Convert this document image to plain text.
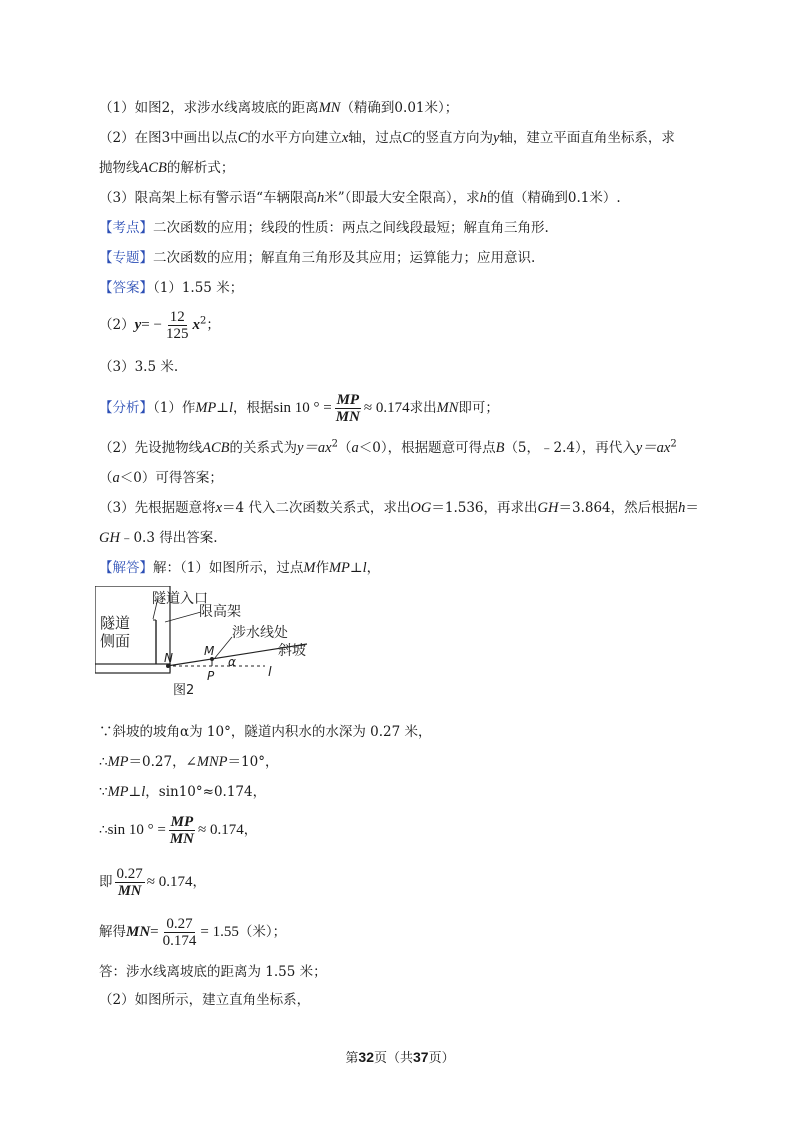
（1）如图2，求涉水线离坡底的距离MN（精确到0.01米）；
（2）在图3中画出以点C的水平方向建立x轴，过点C的竖直方向为y轴，建立平面直角坐标系，求
抛物线ACB的解析式；
（3）限高架上标有警示语“车辆限高h米”（即最大安全限高），求h的值（精确到0.1米）.
【考点】二次函数的应用；线段的性质：两点之间线段最短；解直角三角形.
【专题】二次函数的应用；解直角三角形及其应用；运算能力；应用意识.
【答案】（1）1.55 米；
$(2)y= - \frac{12}{125} x^2$；
（3）3.5 米.
【分析】（1）作MP⊥l，根据sin 10 ° = $\frac{MP}{MN} \approx 0.174$求出MN即可；
（2）先设抛物线ACB的关系式为$y=ax^2(a<0)$，根据题意可得点B（5，﹣2.4），再代入$y=ax^2$
（a＜0）可得答案；
（3）先根据题意将x＝4 代入二次函数关系式，求出OG＝1.536，再求出GH＝3.864，然后根据h＝
GH﹣0.3 得出答案.
【解答】解：（1）如图所示，过点M作MP⊥l，
隧道
侧面
隧道入口
限高架
涉水线处
斜坡
N	M
P
α
l
图2
∵斜坡的坡角α为 10°，隧道内积水的水深为 0.27 米，
∴MP＝0.27，∠MNP＝10°，
∵MP⊥l，sin10°≈0.174，
∴sin 10 ° = $\frac{MP}{MN} \approx 0.174$，
即 $\frac{0.27}{MN} \approx 0.174$，
解得$MN= \frac{0.27}{0.174} = 1.55$（米）；
答：涉水线离坡底的距离为 1.55 米；
（2）如图所示，建立直角坐标系，
第32页（共37页）
